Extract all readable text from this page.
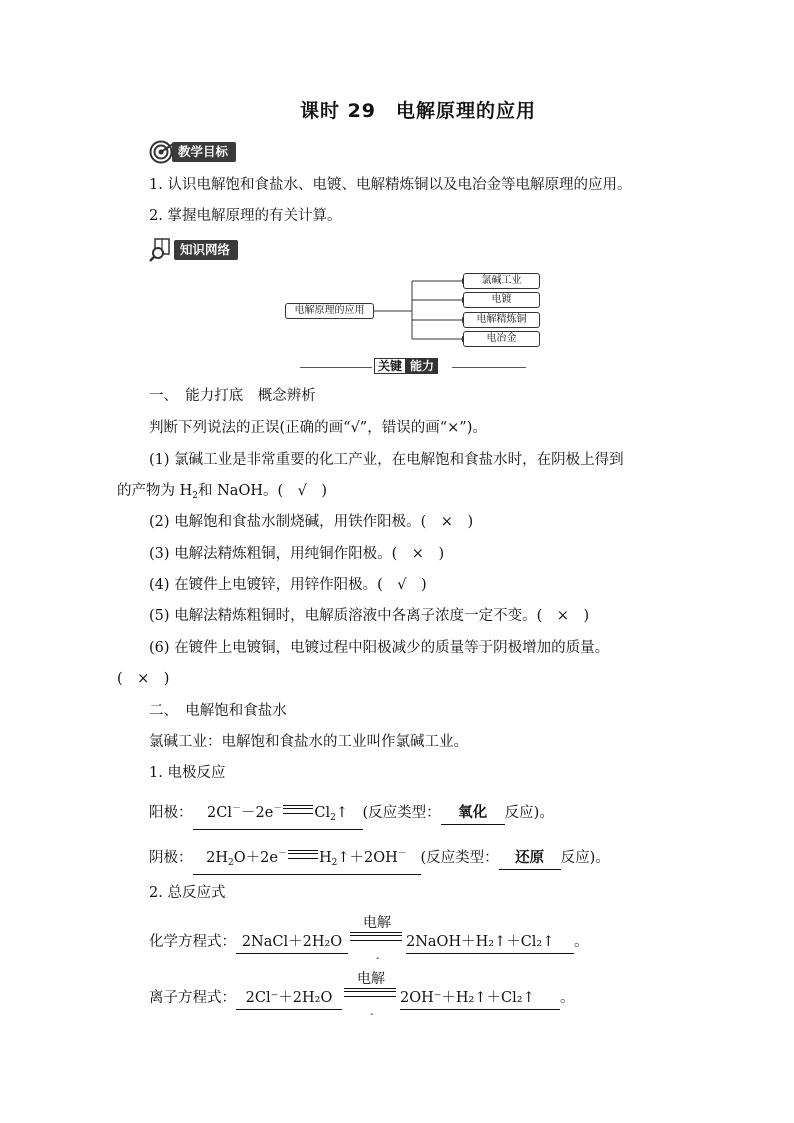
课时 29　电解原理的应用
教学目标
1. 认识电解饱和食盐水、电镀、电解精炼铜以及电冶金等电解原理的应用。
2. 掌握电解原理的有关计算。
知识网络
电解原理的应用
氯碱工业
电镀
电解精炼铜
电冶金
关键 能力
一、　能力打底　概念辨析
判断下列说法的正误(正确的画“√”，错误的画“×”)。
(1) 氯碱工业是非常重要的化工产业，在电解饱和食盐水时，在阴极上得到
的产物为 $H_2$和 NaOH。(　√　)
(2) 电解饱和食盐水制烧碱，用铁作阳极。(　×　)
(3) 电解法精炼粗铜，用纯铜作阳极。(　×　)
(4) 在镀件上电镀锌，用锌作阳极。(　√　)
(5) 电解法精炼粗铜时，电解质溶液中各离子浓度一定不变。(　×　)
(6) 在镀件上电镀铜，电镀过程中阳极减少的质量等于阴极增加的质量。
(　×　)
二、　电解饱和食盐水
氯碱工业：电解饱和食盐水的工业叫作氯碱工业。
1. 电极反应
阳极： 2Cl－－2e－ $Cl_2↑$ (反应类型： 氧化 反应)。
阴极： $2H_2O+2e^-$ $H_2↑+2OH^-$ (反应类型： 还原 反应)。
2. 总反应式
化学方程式： 2NaCl＋2H₂O
电解
-
2NaOH＋H₂↑＋Cl₂↑ 。
离子方程式： 2Cl⁻＋2H₂O
电解
-
2OH⁻＋H₂↑＋Cl₂↑ 。
